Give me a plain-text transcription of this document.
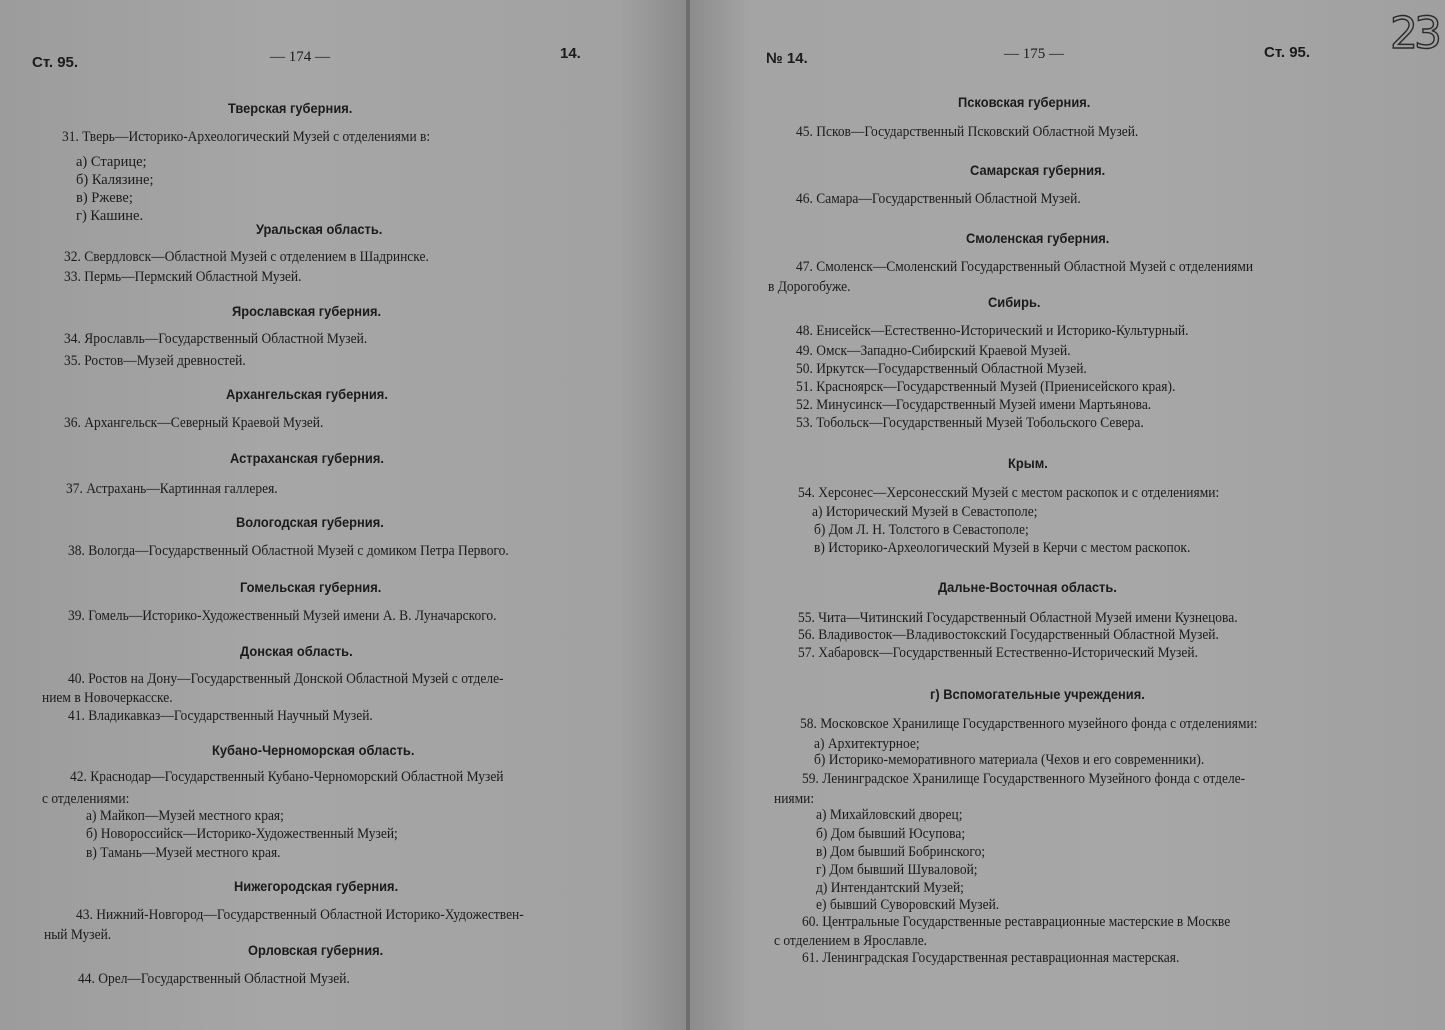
Ст. 95.	— 174 —	14.
Тверская губерния.
31. Тверь—Историко-Археологический Музей с отделениями в:
а) Старице;
б) Калязине;
в) Ржеве;
г) Кашине.
Уральская область.
32. Свердловск—Областной Музей с отделением в Шадринске.
33. Пермь—Пермский Областной Музей.
Ярославская губерния.
34. Ярославль—Государственный Областной Музей.
35. Ростов—Музей древностей.
Архангельская губерния.
36. Архангельск—Северный Краевой Музей.
Астраханская губерния.
37. Астрахань—Картинная галлерея.
Вологодская губерния.
38. Вологда—Государственный Областной Музей с домиком Петра Первого.
Гомельская губерния.
39. Гомель—Историко-Художественный Музей имени А. В. Луначарского.
Донская область.
40. Ростов на Дону—Государственный Донской Областной Музей с отделе-
нием в Новочеркасске.
41. Владикавказ—Государственный Научный Музей.
Кубано-Черноморская область.
42. Краснодар—Государственный Кубано-Черноморский Областной Музей
с отделениями:
а) Майкоп—Музей местного края;
б) Новороссийск—Историко-Художественный Музей;
в) Тамань—Музей местного края.
Нижегородская губерния.
43. Нижний-Новгород—Государственный Областной Историко-Художествен-
ный Музей.
Орловская губерния.
44. Орел—Государственный Областной Музей.
№ 14.	— 175 —	Ст. 95. 23
Псковская губерния.
45. Псков—Государственный Псковский Областной Музей.
Самарская губерния.
46. Самара—Государственный Областной Музей.
Смоленская губерния.
47. Смоленск—Смоленский Государственный Областной Музей с отделениями
в Дорогобуже.
Сибирь.
48. Енисейск—Естественно-Исторический и Историко-Культурный.
49. Омск—Западно-Сибирский Краевой Музей.
50. Иркутск—Государственный Областной Музей.
51. Красноярск—Государственный Музей (Приенисейского края).
52. Минусинск—Государственный Музей имени Мартьянова.
53. Тобольск—Государственный Музей Тобольского Севера.
Крым.
54. Херсонес—Херсонесский Музей с местом раскопок и с отделениями:
а) Исторический Музей в Севастополе;
б) Дом Л. Н. Толстого в Севастополе;
в) Историко-Археологический Музей в Керчи с местом раскопок.
Дальне-Восточная область.
55. Чита—Читинский Государственный Областной Музей имени Кузнецова.
56. Владивосток—Владивостокский Государственный Областной Музей.
57. Хабаровск—Государственный Естественно-Исторический Музей.
г) Вспомогательные учреждения.
58. Московское Хранилище Государственного музейного фонда с отделениями:
а) Архитектурное;
б) Историко-меморативного материала (Чехов и его современники).
59. Ленинградское Хранилище Государственного Музейного фонда с отделе-
ниями:
а) Михайловский дворец;
б) Дом бывший Юсупова;
в) Дом бывший Бобринского;
г) Дом бывший Шуваловой;
д) Интендантский Музей;
е) бывший Суворовский Музей.
60. Центральные Государственные реставрационные мастерские в Москве
с отделением в Ярославле.
61. Ленинградская Государственная реставрационная мастерская.
